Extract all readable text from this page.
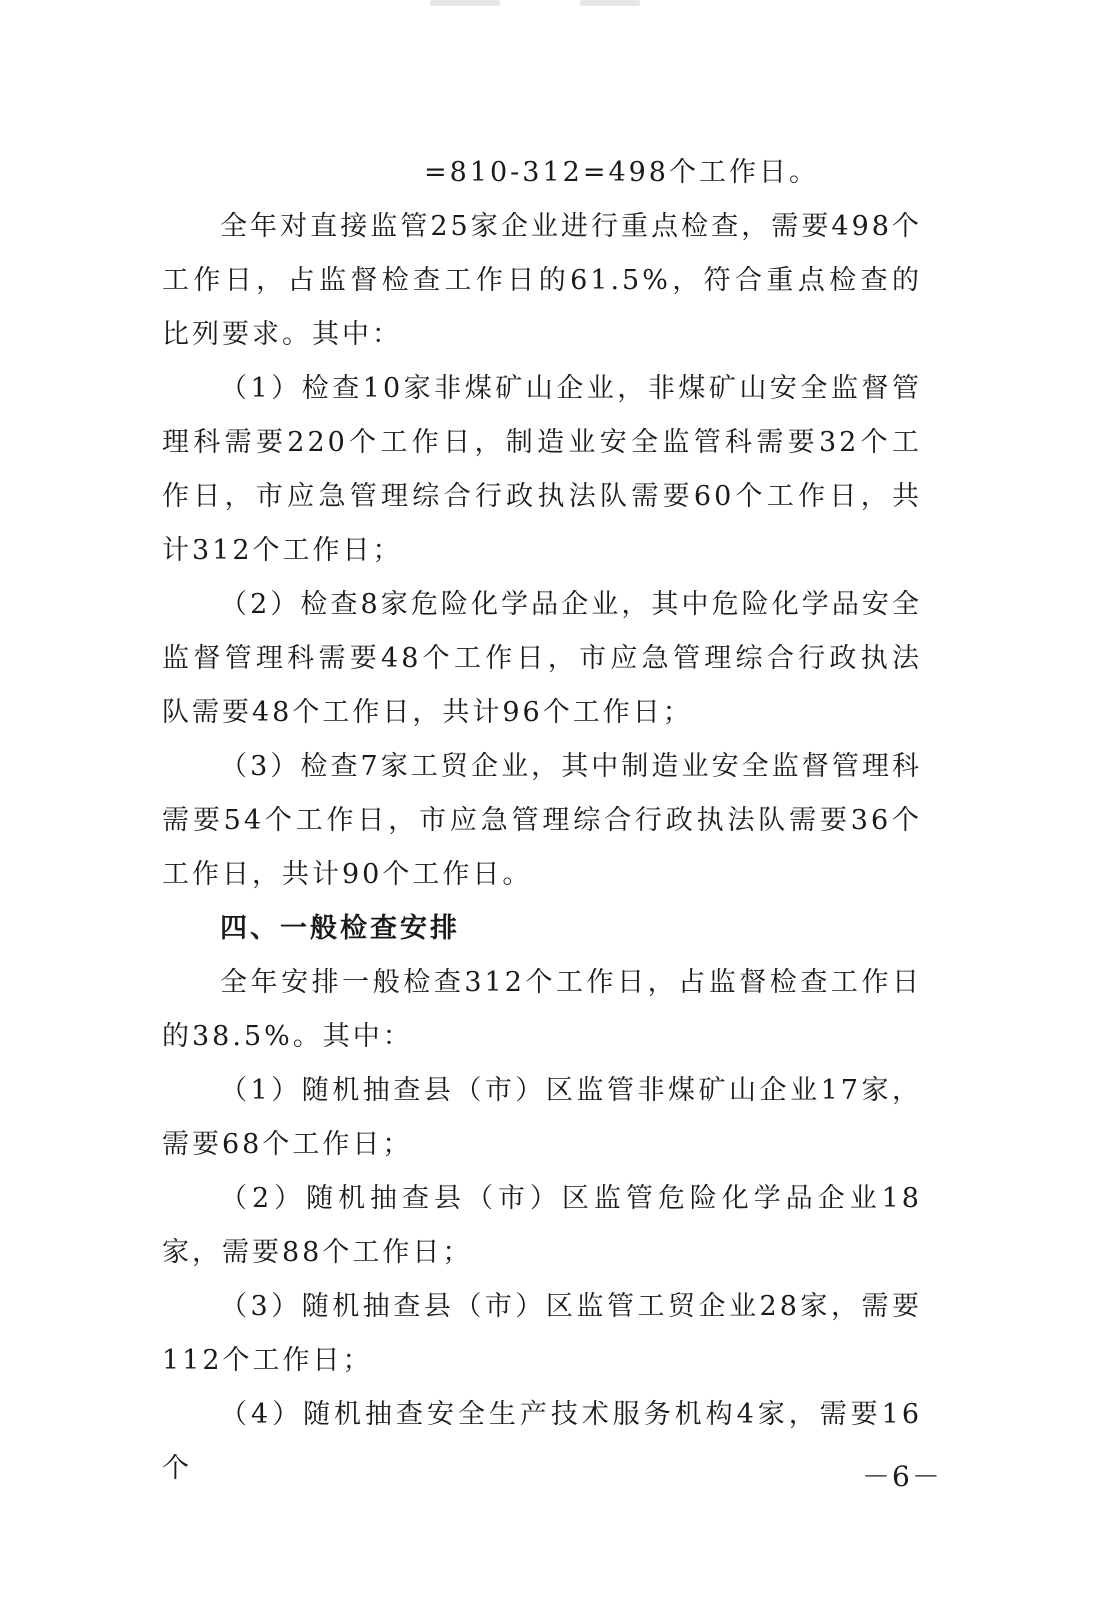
=810-312=498个工作日。

全年对直接监管25家企业进行重点检查，需要498个工作日，占监督检查工作日的61.5%，符合重点检查的比列要求。其中：

（1）检查10家非煤矿山企业，非煤矿山安全监督管理科需要220个工作日，制造业安全监管科需要32个工作日，市应急管理综合行政执法队需要60个工作日，共计312个工作日；

（2）检查8家危险化学品企业，其中危险化学品安全监督管理科需要48个工作日，市应急管理综合行政执法队需要48个工作日，共计96个工作日；

（3）检查7家工贸企业，其中制造业安全监督管理科需要54个工作日，市应急管理综合行政执法队需要36个工作日，共计90个工作日。

四、一般检查安排

全年安排一般检查312个工作日，占监督检查工作日的38.5%。其中：

（1）随机抽查县（市）区监管非煤矿山企业17家，需要68个工作日；

（2）随机抽查县（市）区监管危险化学品企业18家，需要88个工作日；

（3）随机抽查县（市）区监管工贸企业28家，需要112个工作日；

（4）随机抽查安全生产技术服务机构4家，需要16个	－6－
